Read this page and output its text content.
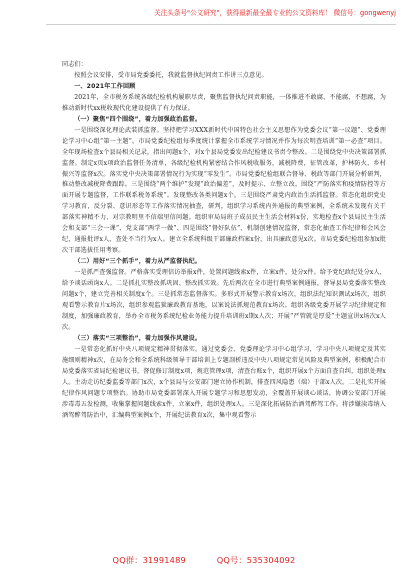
关注头条号"公文研究"，获得最新最全最专业的公文资料库！ 微信号：gongwenyj

同志们：

按照会议安排，受市局党委委托，我就监督执纪问责工作讲三点意见。

一、2021年工作回顾

2021年，全市税务系统各级纪检机构履职尽责，聚焦监督执纪问责职能，一体推进不敢腐、不能腐、不想腐，为推动新时代xx税收现代化建设提供了有力保证。

（一）聚焦“四个围绕”，着力加强政治监督。

一是围绕深化理论武装抓监督。坚持把学习XXX新时代中国特色社会主义思想作为党委会议“第一议题”、党委理论学习中心组“第一主题”。市局党委纪检组每季度统计掌握全市系统学习情况并作为每次明查培训“第一必查”项目。全年现场检查x个县局相关记录，指出问题x个，对x个县局党委发出纪检建议书责令整改。二是围绕党中央决策部署抓监督。制定x页x项政治监督任务清单，各级纪检机构紧密结合作风税收服务，减税降费，征管改革，护林防火、乡村振兴等监督x次。落实党中央决策部署情况行为实现“零发生”。市局党委纪检组联合督导、税政等部门开展分析研判，推动整改减税降费跟踪。三是围绕“两个维护”发现“政治偏差”，及时提示、立整立改。围绕“严防落实和疫情防控等方面开展专题监督，工作联系税务系统”。发现整改各类问题x个。三是围绕严肃党内政治生活抓监督。常态化组织党史学习教育，反分裂、意识形态等工作落实情况抽查，研判，组织学习系统内外通报的典型案例，全系统未发现有关干部落实神精不力、对宗教明里不信端里信问题。组织审局局班子成员民主生活会材料x份，实地检查x个县局民主生活会和支部“三会一课”、党支部“两学一做”、四是围绕“督好队伍”、机制创建情况监督，常态化抽查工作纪律和会风会纪，通报批评x人，查处不当行为x人。建立全系统科级干部廉政档案x份，出具廉政意见x次。市局党委纪检组参加x批次干部选拔任用考察。

（二）用好“三个抓手”，着力从严监督执纪。

一是抓严查强监督。严格落实受理信访举报x件，处置问题线索x件，立案x件，处分x件。给予党纪政纪处分x人，给予谈话函询x人。二是抓扎实整改抓巩固、整改抓实效。先后两次在全市进行典型案例通报，督导县局党委落实整改问题x个，建立完善相关制度x个。三是抓常态监督落实。多形式开展警示教育x场次，组织法纪知识测试x场次，组织观看警示教育片x场次，组织参观监狱廉政教育基地，以案说法抓规范教育x场次。组织各级党委开展学习纪律规定和制度，加强廉政教育，举办全市税务系统纪检业务能力提升培训班x期x人次；开展“严管就是厚爱”主题宣讲x场次x人次。

（三）落实“三项整治”，着力加强作风建设。

一是常态化抓好中央八项规定精神贯彻落实。通过党委会、党委理论学习中心组学习，学习中央八项规定及其实施细则精神x次，在局务会和全系统科级领导干部培训上专题剖析违反中央八项规定常见风险及典型案例，积极配合市局党委落实省局纪检建议书，督促修订制度x项，规范管理x项，清查台账x个，组织开展x个方面自查自纠，组织处理x人。主动走访纪委监委等部门x次，x个县局与公安部门建立协作机制，排查四风隐患（端）于部x人次。二是扎实开展纪律作风问题专项整治。协助市局党委部署深入开展专题学习和思想发动，全覆盖开展谈心谈话，协调公安部门开展涉毒毒五发检测，收集掌握问题线索x件，立案x件，组织处理x人。三是深化拓展防治酒驾醉驾工作。将涉嫌渎毒纳入酒驾醉驾防治中，汇编典型案例x个，开展纪法教育x次，集中观看警示

QQ群：31991489	QQ号：535304092
